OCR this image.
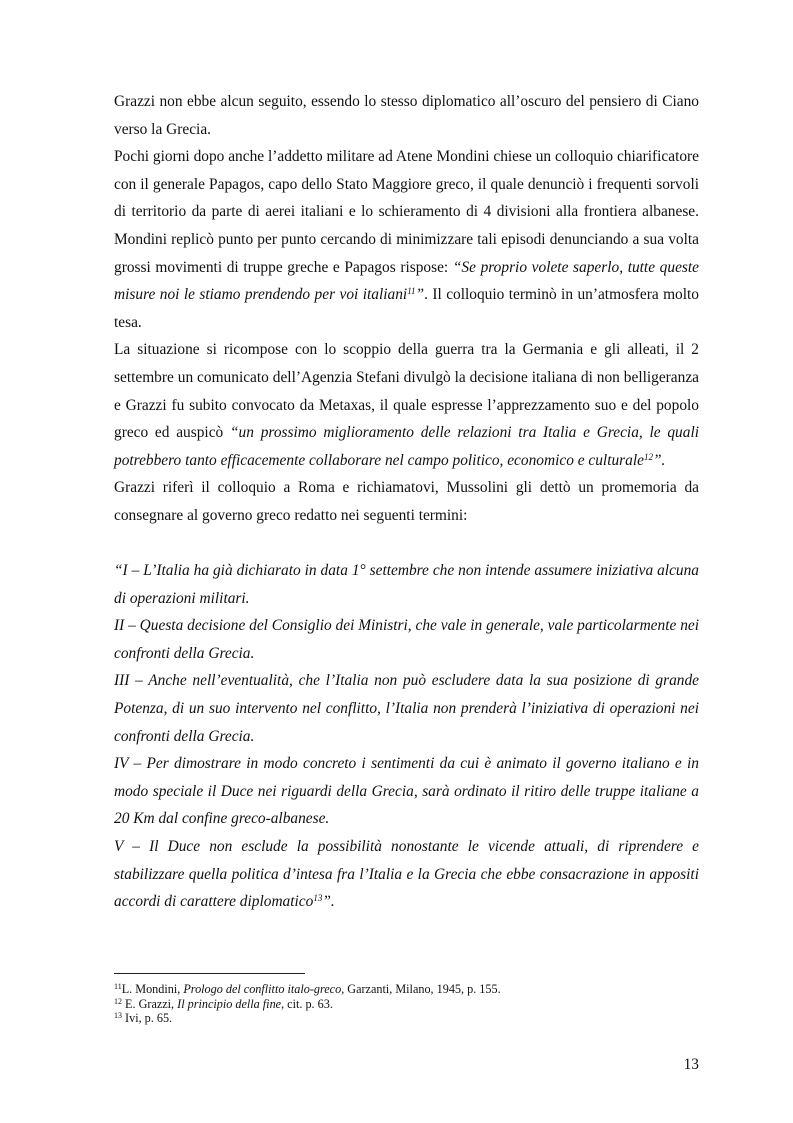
Grazzi non ebbe alcun seguito, essendo lo stesso diplomatico all’oscuro del pensiero di Ciano verso la Grecia.

Pochi giorni dopo anche l’addetto militare ad Atene Mondini chiese un colloquio chiarificatore con il generale Papagos, capo dello Stato Maggiore greco, il quale denunciò i frequenti sorvoli di territorio da parte di aerei italiani e lo schieramento di 4 divisioni alla frontiera albanese. Mondini replicò punto per punto cercando di minimizzare tali episodi denunciando a sua volta grossi movimenti di truppe greche e Papagos rispose: “Se proprio volete saperlo, tutte queste misure noi le stiamo prendendo per voi italiani$^{11}$”. Il colloquio terminò in un’atmosfera molto tesa.

La situazione si ricompose con lo scoppio della guerra tra la Germania e gli alleati, il 2 settembre un comunicato dell’Agenzia Stefani divulgò la decisione italiana di non belligeranza e Grazzi fu subito convocato da Metaxas, il quale espresse l’apprezzamento suo e del popolo greco ed auspicò “un prossimo miglioramento delle relazioni tra Italia e Grecia, le quali potrebbero tanto efficacemente collaborare nel campo politico, economico e culturale$^{12}$”.

Grazzi riferì il colloquio a Roma e richiamatovi, Mussolini gli dettò un promemoria da consegnare al governo greco redatto nei seguenti termini:

“I – L’Italia ha già dichiarato in data 1° settembre che non intende assumere iniziativa alcuna di operazioni militari.

II – Questa decisione del Consiglio dei Ministri, che vale in generale, vale particolarmente nei confronti della Grecia.

III – Anche nell’eventualità, che l’Italia non può escludere data la sua posizione di grande Potenza, di un suo intervento nel conflitto, l’Italia non prenderà l’iniziativa di operazioni nei confronti della Grecia.

IV – Per dimostrare in modo concreto i sentimenti da cui è animato il governo italiano e in modo speciale il Duce nei riguardi della Grecia, sarà ordinato il ritiro delle truppe italiane a 20 Km dal confine greco-albanese.

V – Il Duce non esclude la possibilità nonostante le vicende attuali, di riprendere e stabilizzare quella politica d’intesa fra l’Italia e la Grecia che ebbe consacrazione in appositi accordi di carattere diplomatico$^{13}$”.

$^{11}$L. Mondini, Prologo del conflitto italo-greco, Garzanti, Milano, 1945, p. 155.

$^{12}$ E. Grazzi, Il principio della fine, cit. p. 63.

$^{13}$ Ivi, p. 65.

13
